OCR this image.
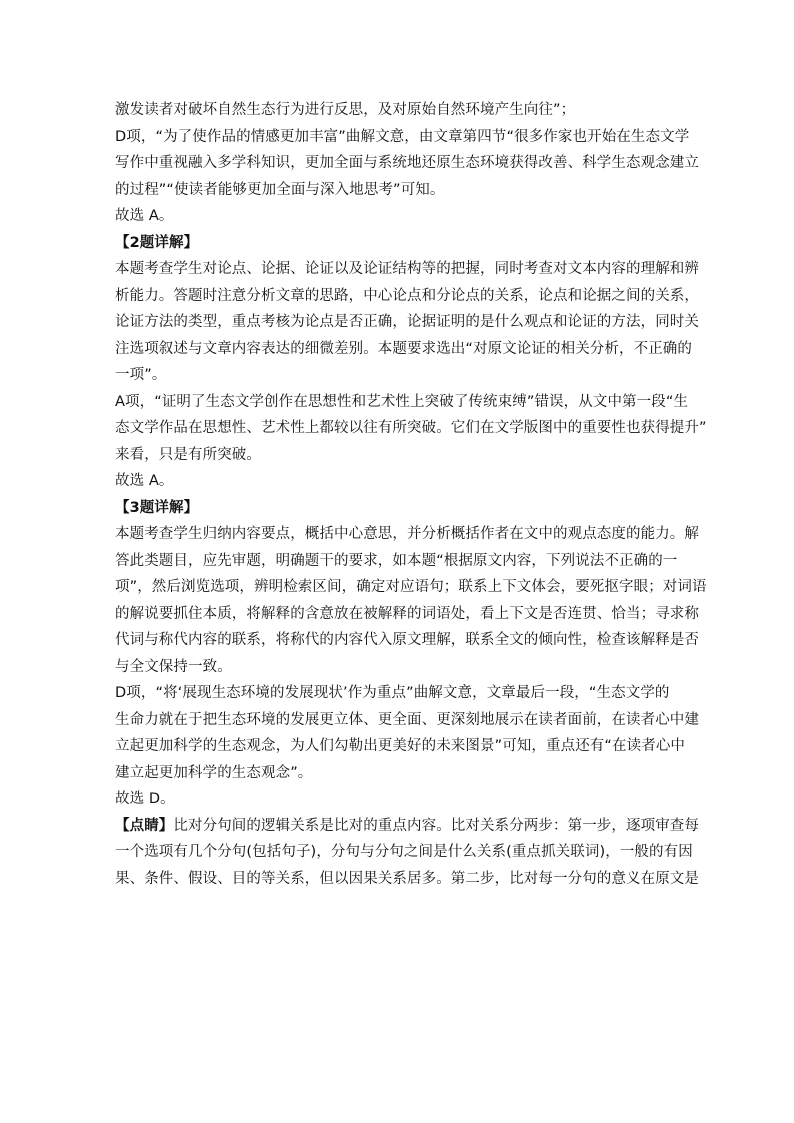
激发读者对破坏自然生态行为进行反思，及对原始自然环境产生向往”；
D项，“为了使作品的情感更加丰富”曲解文意，由文章第四节“很多作家也开始在生态文学
写作中重视融入多学科知识，更加全面与系统地还原生态环境获得改善、科学生态观念建立
的过程”“使读者能够更加全面与深入地思考”可知。
故选 A。
【2题详解】
本题考查学生对论点、论据、论证以及论证结构等的把握，同时考查对文本内容的理解和辨
析能力。答题时注意分析文章的思路，中心论点和分论点的关系，论点和论据之间的关系，
论证方法的类型，重点考核为论点是否正确，论据证明的是什么观点和论证的方法，同时关
注选项叙述与文章内容表达的细微差别。本题要求选出“对原文论证的相关分析，不正确的
一项”。
A项，“证明了生态文学创作在思想性和艺术性上突破了传统束缚”错误，从文中第一段“生
态文学作品在思想性、艺术性上都较以往有所突破。它们在文学版图中的重要性也获得提升”
来看，只是有所突破。
故选 A。
【3题详解】
本题考查学生归纳内容要点，概括中心意思，并分析概括作者在文中的观点态度的能力。解
答此类题目，应先审题，明确题干的要求，如本题“根据原文内容，下列说法不正确的一
项”，然后浏览选项，辨明检索区间，确定对应语句；联系上下文体会，要死抠字眼；对词语
的解说要抓住本质，将解释的含意放在被解释的词语处，看上下文是否连贯、恰当；寻求称
代词与称代内容的联系，将称代的内容代入原文理解，联系全文的倾向性，检查该解释是否
与全文保持一致。
D项，“将‘展现生态环境的发展现状’作为重点”曲解文意，文章最后一段，“生态文学的
生命力就在于把生态环境的发展更立体、更全面、更深刻地展示在读者面前，在读者心中建
立起更加科学的生态观念，为人们勾勒出更美好的未来图景”可知，重点还有“在读者心中
建立起更加科学的生态观念”。
故选 D。
【点睛】比对分句间的逻辑关系是比对的重点内容。比对关系分两步：第一步，逐项审查每
一个选项有几个分句(包括句子)，分句与分句之间是什么关系(重点抓关联词)，一般的有因
果、条件、假设、目的等关系，但以因果关系居多。第二步，比对每一分句的意义在原文是
